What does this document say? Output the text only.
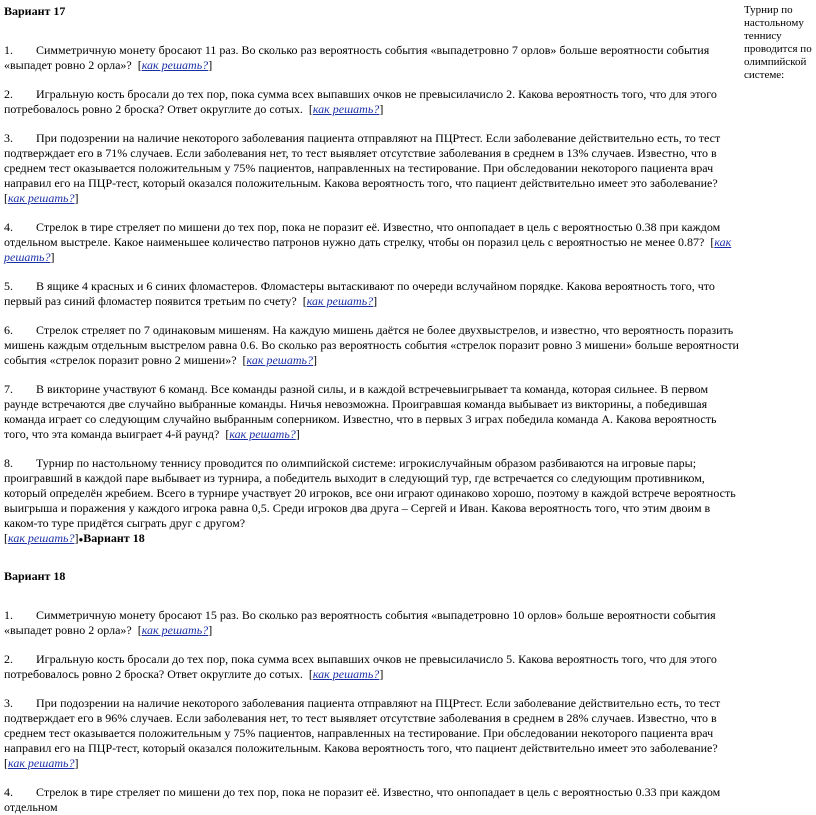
Вариант 17

1. Симметричную монету бросают 11 раз. Во сколько раз вероятность события «выпадетровно 7 орлов» больше вероятности события «выпадет ровно 2 орла»?  [как решать?]

2. Игральную кость бросали до тех пор, пока сумма всех выпавших очков не превысилачисло 2. Какова вероятность того, что для этого потребовалось ровно 2 броска? Ответ округлите до сотых.  [как решать?]

3. При подозрении на наличие некоторого заболевания пациента отправляют на ПЦРтест. Если заболевание действительно есть, то тест подтверждает его в 71% случаев. Если заболевания нет, то тест выявляет отсутствие заболевания в среднем в 13% случаев. Известно, что в среднем тест оказывается положительным у 75% пациентов, направленных на тестирование. При обследовании некоторого пациента врач направил его на ПЦР-тест, который оказался положительным. Какова вероятность того, что пациент действительно имеет это заболевание?  [как решать?]

4. Стрелок в тире стреляет по мишени до тех пор, пока не поразит её. Известно, что онпопадает в цель с вероятностью 0.38 при каждом отдельном выстреле. Какое наименьшее количество патронов нужно дать стрелку, чтобы он поразил цель с вероятностью не менее 0.87?  [как решать?]

5. В ящике 4 красных и 6 синих фломастеров. Фломастеры вытаскивают по очереди вслучайном порядке. Какова вероятность того, что первый раз синий фломастер появится третьим по счету?  [как решать?]

6. Стрелок стреляет по 7 одинаковым мишеням. На каждую мишень даётся не более двухвыстрелов, и известно, что вероятность поразить мишень каждым отдельным выстрелом равна 0.6. Во сколько раз вероятность события «стрелок поразит ровно 3 мишени» больше вероятности события «стрелок поразит ровно 2 мишени»?  [как решать?]

7. В викторине участвуют 6 команд. Все команды разной силы, и в каждой встречевыигрывает та команда, которая сильнее. В первом раунде встречаются две случайно выбранные команды. Ничья невозможна. Проигравшая команда выбывает из викторины, а победившая команда играет со следующим случайно выбранным соперником. Известно, что в первых 3 играх победила команда А. Какова вероятность того, что эта команда выиграет 4-й раунд?  [как решать?]

8. Турнир по настольному теннису проводится по олимпийской системе: игрокислучайным образом разбиваются на игровые пары; проигравший в каждой паре выбывает из турнира, а победитель выходит в следующий тур, где встречается со следующим противником, который определён жребием. Всего в турнире участвует 20 игроков, все они играют одинаково хорошо, поэтому в каждой встрече вероятность выигрыша и поражения у каждого игрока равна 0,5. Среди игроков два друга – Сергей и Иван. Какова вероятность того, что этим двоим в каком-то туре придётся сыграть друг с другом?
[как решать?]●Вариант 18

Вариант 18

1. Симметричную монету бросают 15 раз. Во сколько раз вероятность события «выпадетровно 10 орлов» больше вероятности события «выпадет ровно 2 орла»?  [как решать?]

2. Игральную кость бросали до тех пор, пока сумма всех выпавших очков не превысилачисло 5. Какова вероятность того, что для этого потребовалось ровно 2 броска? Ответ округлите до сотых.  [как решать?]

3. При подозрении на наличие некоторого заболевания пациента отправляют на ПЦРтест. Если заболевание действительно есть, то тест подтверждает его в 96% случаев. Если заболевания нет, то тест выявляет отсутствие заболевания в среднем в 28% случаев. Известно, что в среднем тест оказывается положительным у 75% пациентов, направленных на тестирование. При обследовании некоторого пациента врач направил его на ПЦР-тест, который оказался положительным. Какова вероятность того, что пациент действительно имеет это заболевание?  [как решать?]

4. Стрелок в тире стреляет по мишени до тех пор, пока не поразит её. Известно, что онпопадает в цель с вероятностью 0.33 при каждом отдельном

Турнир по настольному теннису проводится по олимпийской системе:
